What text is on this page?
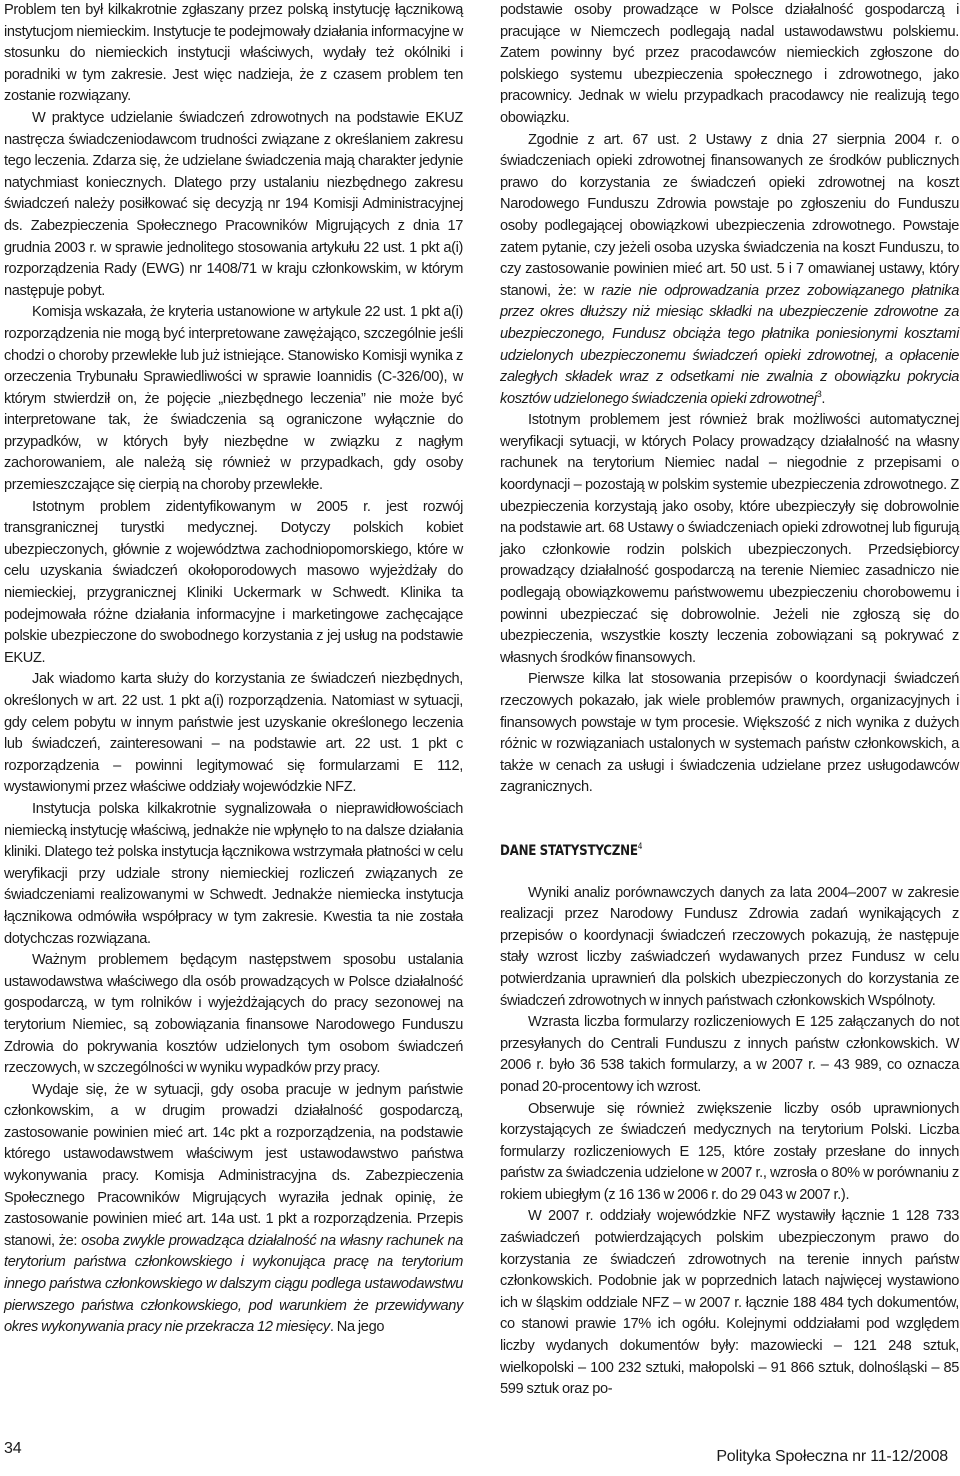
Problem ten był kilkakrotnie zgłaszany przez polską instytucję łącznikową instytucjom niemieckim. Instytucje te podejmowały działania informacyjne w stosunku do niemieckich instytucji właściwych, wydały też okólniki i poradniki w tym zakresie. Jest więc nadzieja, że z czasem problem ten zostanie rozwiązany.

W praktyce udzielanie świadczeń zdrowotnych na podstawie EKUZ nastręcza świadczeniodawcom trudności związane z określaniem zakresu tego leczenia. Zdarza się, że udzielane świadczenia mają charakter jedynie natychmiast koniecznych. Dlatego przy ustalaniu niezbędnego zakresu świadczeń należy posiłkować się decyzją nr 194 Komisji Administracyjnej ds. Zabezpieczenia Społecznego Pracowników Migrujących z dnia 17 grudnia 2003 r. w sprawie jednolitego stosowania artykułu 22 ust. 1 pkt a(i) rozporządzenia Rady (EWG) nr 1408/71 w kraju członkowskim, w którym następuje pobyt.

Komisja wskazała, że kryteria ustanowione w artykule 22 ust. 1 pkt a(i) rozporządzenia nie mogą być interpretowane zawężająco, szczególnie jeśli chodzi o choroby przewlekłe lub już istniejące. Stanowisko Komisji wynika z orzeczenia Trybunału Sprawiedliwości w sprawie Ioannidis (C-326/00), w którym stwierdził on, że pojęcie „niezbędnego leczenia” nie może być interpretowane tak, że świadczenia są ograniczone wyłącznie do przypadków, w których były niezbędne w związku z nagłym zachorowaniem, ale należą się również w przypadkach, gdy osoby przemieszczające się cierpią na choroby przewlekłe.

Istotnym problem zidentyfikowanym w 2005 r. jest rozwój transgranicznej turystki medycznej. Dotyczy polskich kobiet ubezpieczonych, głównie z województwa zachodniopomorskiego, które w celu uzyskania świadczeń okołoporodowych masowo wyjeżdżały do niemieckiej, przygranicznej Kliniki Uckermark w Schwedt. Klinika ta podejmowała różne działania informacyjne i marketingowe zachęcające polskie ubezpieczone do swobodnego korzystania z jej usług na podstawie EKUZ.

Jak wiadomo karta służy do korzystania ze świadczeń niezbędnych, określonych w art. 22 ust. 1 pkt a(i) rozporządzenia. Natomiast w sytuacji, gdy celem pobytu w innym państwie jest uzyskanie określonego leczenia lub świadczeń, zainteresowani – na podstawie art. 22 ust. 1 pkt c rozporządzenia – powinni legitymować się formularzami E 112, wystawionymi przez właściwe oddziały wojewódzkie NFZ.

Instytucja polska kilkakrotnie sygnalizowała o nieprawidłowościach niemiecką instytucję właściwą, jednakże nie wpłynęło to na dalsze działania kliniki. Dlatego też polska instytucja łącznikowa wstrzymała płatności w celu weryfikacji przy udziale strony niemieckiej rozliczeń związanych ze świadczeniami realizowanymi w Schwedt. Jednakże niemiecka instytucja łącznikowa odmówiła współpracy w tym zakresie. Kwestia ta nie została dotychczas rozwiązana.

Ważnym problemem będącym następstwem sposobu ustalania ustawodawstwa właściwego dla osób prowadzących w Polsce działalność gospodarczą, w tym rolników i wyjeżdżających do pracy sezonowej na terytorium Niemiec, są zobowiązania finansowe Narodowego Funduszu Zdrowia do pokrywania kosztów udzielonych tym osobom świadczeń rzeczowych, w szczególności w wyniku wypadków przy pracy.

Wydaje się, że w sytuacji, gdy osoba pracuje w jednym państwie członkowskim, a w drugim prowadzi działalność gospodarczą, zastosowanie powinien mieć art. 14c pkt a rozporządzenia, na podstawie którego ustawodawstwem właściwym jest ustawodawstwo państwa wykonywania pracy. Komisja Administracyjna ds. Zabezpieczenia Społecznego Pracowników Migrujących wyraziła jednak opinię, że zastosowanie powinien mieć art. 14a ust. 1 pkt a rozporządzenia. Przepis stanowi, że: osoba zwykle prowadząca działalność na własny rachunek na terytorium państwa członkowskiego i wykonująca pracę na terytorium innego państwa członkowskiego w dalszym ciągu podlega ustawodawstwu pierwszego państwa członkowskiego, pod warunkiem że przewidywany okres wykonywania pracy nie przekracza 12 miesięcy. Na jego

podstawie osoby prowadzące w Polsce działalność gospodarczą i pracujące w Niemczech podlegają nadal ustawodawstwu polskiemu. Zatem powinny być przez pracodawców niemieckich zgłoszone do polskiego systemu ubezpieczenia społecznego i zdrowotnego, jako pracownicy. Jednak w wielu przypadkach pracodawcy nie realizują tego obowiązku.

Zgodnie z art. 67 ust. 2 Ustawy z dnia 27 sierpnia 2004 r. o świadczeniach opieki zdrowotnej finansowanych ze środków publicznych prawo do korzystania ze świadczeń opieki zdrowotnej na koszt Narodowego Funduszu Zdrowia powstaje po zgłoszeniu do Funduszu osoby podlegającej obowiązkowi ubezpieczenia zdrowotnego. Powstaje zatem pytanie, czy jeżeli osoba uzyska świadczenia na koszt Funduszu, to czy zastosowanie powinien mieć art. 50 ust. 5 i 7 omawianej ustawy, który stanowi, że: w razie nie odprowadzania przez zobowiązanego płatnika przez okres dłuższy niż miesiąc składki na ubezpieczenie zdrowotne za ubezpieczonego, Fundusz obciąża tego płatnika poniesionymi kosztami udzielonych ubezpieczonemu świadczeń opieki zdrowotnej, a opłacenie zaległych składek wraz z odsetkami nie zwalnia z obowiązku pokrycia kosztów udzielonego świadczenia opieki zdrowotnej$^3$.

Istotnym problemem jest również brak możliwości automatycznej weryfikacji sytuacji, w których Polacy prowadzący działalność na własny rachunek na terytorium Niemiec nadal – niegodnie z przepisami o koordynacji – pozostają w polskim systemie ubezpieczenia zdrowotnego. Z ubezpieczenia korzystają jako osoby, które ubezpieczyły się dobrowolnie na podstawie art. 68 Ustawy o świadczeniach opieki zdrowotnej lub figurują jako członkowie rodzin polskich ubezpieczonych. Przedsiębiorcy prowadzący działalność gospodarczą na terenie Niemiec zasadniczo nie podlegają obowiązkowemu państwowemu ubezpieczeniu chorobowemu i powinni ubezpieczać się dobrowolnie. Jeżeli nie zgłoszą się do ubezpieczenia, wszystkie koszty leczenia zobowiązani są pokrywać z własnych środków finansowych.

Pierwsze kilka lat stosowania przepisów o koordynacji świadczeń rzeczowych pokazało, jak wiele problemów prawnych, organizacyjnych i finansowych powstaje w tym procesie. Większość z nich wynika z dużych różnic w rozwiązaniach ustalonych w systemach państw członkowskich, a także w cenach za usługi i świadczenia udzielane przez usługodawców zagranicznych.

DANE STATYSTYCZNE$^4$

Wyniki analiz porównawczych danych za lata 2004–2007 w zakresie realizacji przez Narodowy Fundusz Zdrowia zadań wynikających z przepisów o koordynacji świadczeń rzeczowych pokazują, że następuje stały wzrost liczby zaświadczeń wydawanych przez Fundusz w celu potwierdzania uprawnień dla polskich ubezpieczonych do korzystania ze świadczeń zdrowotnych w innych państwach członkowskich Wspólnoty.

Wzrasta liczba formularzy rozliczeniowych E 125 załączanych do not przesyłanych do Centrali Funduszu z innych państw członkowskich. W 2006 r. było 36 538 takich formularzy, a w 2007 r. – 43 989, co oznacza ponad 20-procentowy ich wzrost.

Obserwuje się również zwiększenie liczby osób uprawnionych korzystających ze świadczeń medycznych na terytorium Polski. Liczba formularzy rozliczeniowych E 125, które zostały przesłane do innych państw za świadczenia udzielone w 2007 r., wzrosła o 80% w porównaniu z rokiem ubiegłym (z 16 136 w 2006 r. do 29 043 w 2007 r.).

W 2007 r. oddziały wojewódzkie NFZ wystawiły łącznie 1 128 733 zaświadczeń potwierdzających polskim ubezpieczonym prawo do korzystania ze świadczeń zdrowotnych na terenie innych państw członkowskich. Podobnie jak w poprzednich latach najwięcej wystawiono ich w śląskim oddziale NFZ – w 2007 r. łącznie 188 484 tych dokumentów, co stanowi prawie 17% ich ogółu. Kolejnymi oddziałami pod względem liczby wydanych dokumentów były: mazowiecki – 121 248 sztuk, wielkopolski – 100 232 sztuki, małopolski – 91 866 sztuk, dolnośląski – 85 599 sztuk oraz po-

34	Polityka Społeczna nr 11-12/2008
